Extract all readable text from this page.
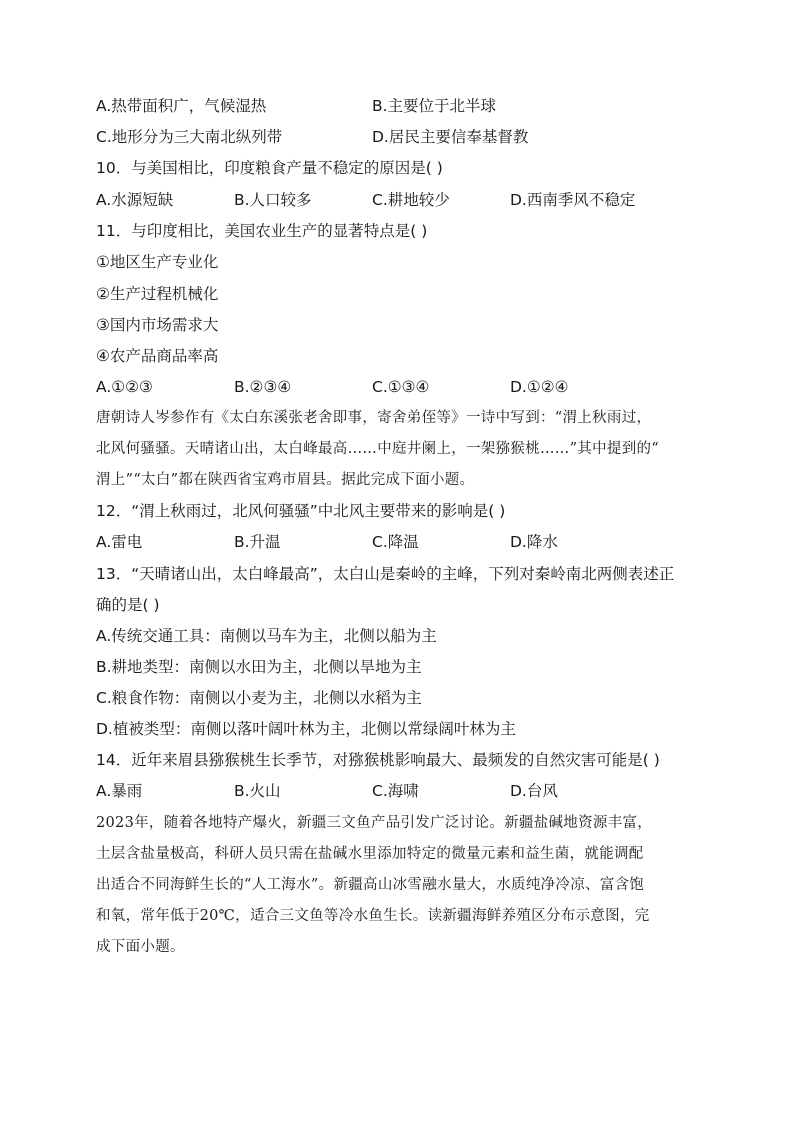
A.热带面积广，气候湿热	B.主要位于北半球
C.地形分为三大南北纵列带	D.居民主要信奉基督教
10．与美国相比，印度粮食产量不稳定的原因是( )
A.水源短缺	B.人口较多	C.耕地较少	D.西南季风不稳定
11．与印度相比，美国农业生产的显著特点是( )
①地区生产专业化
②生产过程机械化
③国内市场需求大
④农产品商品率高
A.①②③	B.②③④	C.①③④	D.①②④
唐朝诗人岑参作有《太白东溪张老舍即事，寄舍弟侄等》一诗中写到：“渭上秋雨过，
北风何骚骚。天晴诸山出，太白峰最高……中庭井阑上，一架猕猴桃……”其中提到的“
渭上”“太白”都在陕西省宝鸡市眉县。据此完成下面小题。
12．“渭上秋雨过，北风何骚骚”中北风主要带来的影响是( )
A.雷电	B.升温	C.降温	D.降水
13．“天晴诸山出，太白峰最高”，太白山是秦岭的主峰，下列对秦岭南北两侧表述正
确的是( )
A.传统交通工具：南侧以马车为主，北侧以船为主
B.耕地类型：南侧以水田为主，北侧以旱地为主
C.粮食作物：南侧以小麦为主，北侧以水稻为主
D.植被类型：南侧以落叶阔叶林为主，北侧以常绿阔叶林为主
14．近年来眉县猕猴桃生长季节，对猕猴桃影响最大、最频发的自然灾害可能是( )
A.暴雨	B.火山	C.海啸	D.台风
2023年，随着各地特产爆火，新疆三文鱼产品引发广泛讨论。新疆盐碱地资源丰富，
土层含盐量极高，科研人员只需在盐碱水里添加特定的微量元素和益生菌，就能调配
出适合不同海鲜生长的“人工海水”。新疆高山冰雪融水量大，水质纯净冷凉、富含饱
和氧，常年低于20℃，适合三文鱼等冷水鱼生长。读新疆海鲜养殖区分布示意图，完
成下面小题。
